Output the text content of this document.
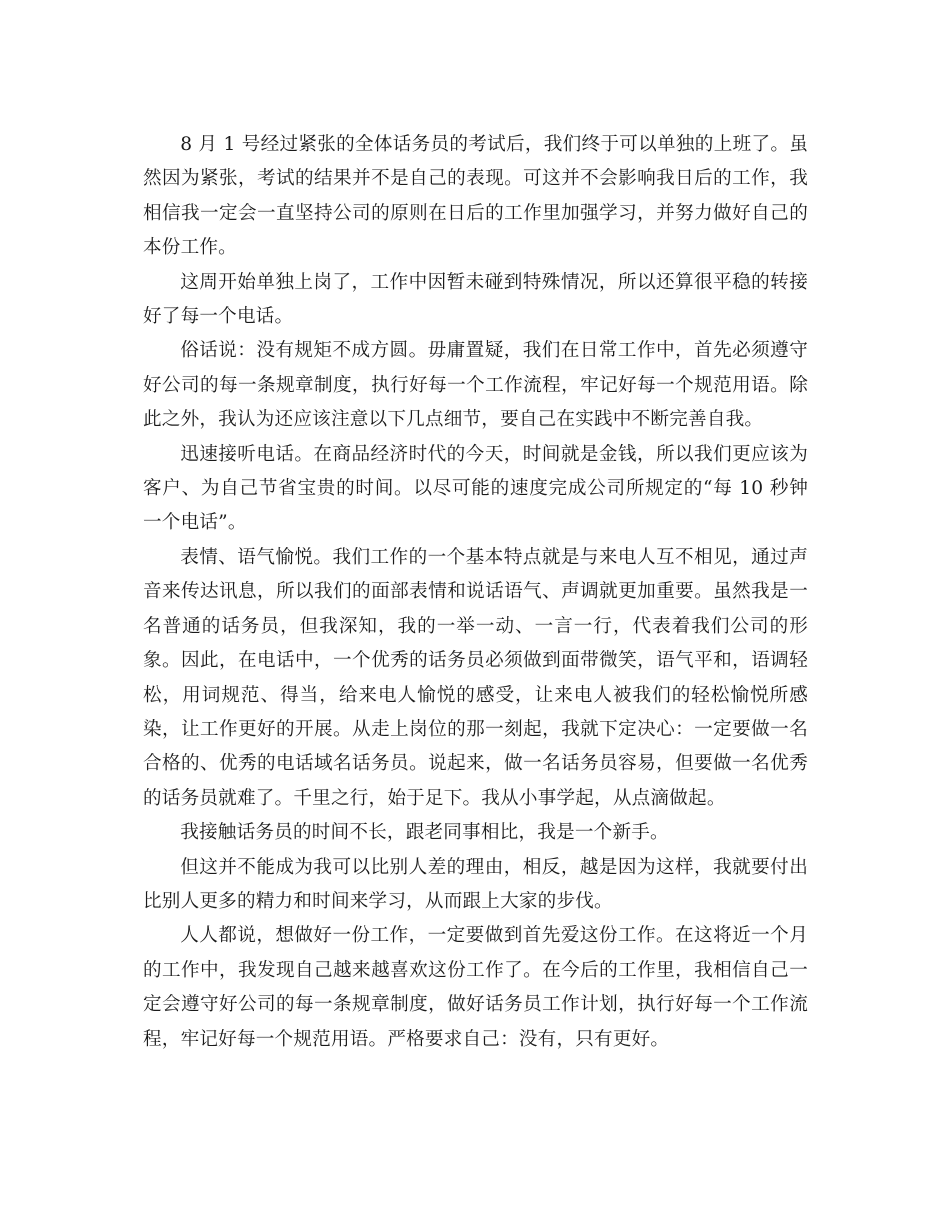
8 月 1 号经过紧张的全体话务员的考试后，我们终于可以单独的上班了。虽然因为紧张，考试的结果并不是自己的表现。可这并不会影响我日后的工作，我相信我一定会一直坚持公司的原则在日后的工作里加强学习，并努力做好自己的本份工作。

这周开始单独上岗了，工作中因暂未碰到特殊情况，所以还算很平稳的转接好了每一个电话。

俗话说：没有规矩不成方圆。毋庸置疑，我们在日常工作中，首先必须遵守好公司的每一条规章制度，执行好每一个工作流程，牢记好每一个规范用语。除此之外，我认为还应该注意以下几点细节，要自己在实践中不断完善自我。

迅速接听电话。在商品经济时代的今天，时间就是金钱，所以我们更应该为客户、为自己节省宝贵的时间。以尽可能的速度完成公司所规定的“每 10 秒钟一个电话”。

表情、语气愉悦。我们工作的一个基本特点就是与来电人互不相见，通过声音来传达讯息，所以我们的面部表情和说话语气、声调就更加重要。虽然我是一名普通的话务员，但我深知，我的一举一动、一言一行，代表着我们公司的形象。因此，在电话中，一个优秀的话务员必须做到面带微笑，语气平和，语调轻松，用词规范、得当，给来电人愉悦的感受，让来电人被我们的轻松愉悦所感染，让工作更好的开展。从走上岗位的那一刻起，我就下定决心：一定要做一名合格的、优秀的电话域名话务员。说起来，做一名话务员容易，但要做一名优秀的话务员就难了。千里之行，始于足下。我从小事学起，从点滴做起。

我接触话务员的时间不长，跟老同事相比，我是一个新手。

但这并不能成为我可以比别人差的理由，相反，越是因为这样，我就要付出比别人更多的精力和时间来学习，从而跟上大家的步伐。

人人都说，想做好一份工作，一定要做到首先爱这份工作。在这将近一个月的工作中，我发现自己越来越喜欢这份工作了。在今后的工作里，我相信自己一定会遵守好公司的每一条规章制度，做好话务员工作计划，执行好每一个工作流程，牢记好每一个规范用语。严格要求自己：没有，只有更好。
